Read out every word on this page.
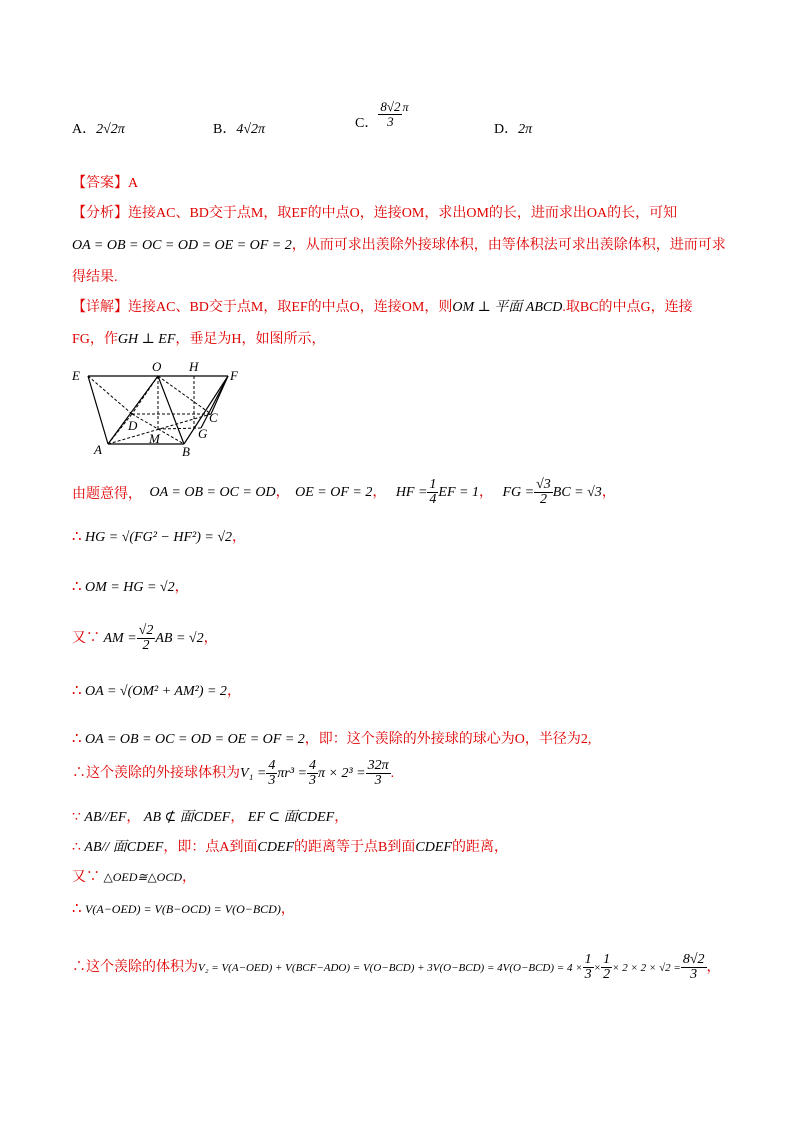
A．2√2π	B．4√2π	C． $\frac{8√2}{3}$ π
D．2π
【答案】A
【分析】连接AC、BD交于点M，取EF的中点O，连接OM，求出OM的长，进而求出OA的长，可知
OA = OB = OC = OD = OE = OF = 2，从而可求出羡除外接球体积，由等体积法可求出羡除体积，进而可求
得结果.
【详解】连接AC、BD交于点M，取EF的中点O，连接OM，则OM ⊥ 平面 ABCD.取BC的中点G，连接
FG，作GH ⊥ EF，垂足为H，如图所示，
E
O H
F
D
C
M	G
A	B
由题意得， OA = OB = OC = OD， OE = OF = 2， HF = $\frac{1}{4}$ EF = 1， FG = $\frac{√3}{2}$ BC = √3，
∴ HG = √(FG² − HF²) = √2，
∴ OM = HG = √2，
又∵ AM = $\frac{√2}{2}$ AB = √2，
∴ OA = √(OM² + AM²) = 2，
∴ OA = OB = OC = OD = OE = OF = 2，即：这个羡除的外接球的球心为O，半径为2,
∴这个羡除的外接球体积为$V_1 = \frac{4}{3} \pi r^3 = \frac{4}{3}$ $\pi \times 2^3 = \frac{32\pi}{3}$ .
∵ AB//EF， AB ⊄ 面CDEF， EF ⊂ 面CDEF，
∴ AB// 面CDEF，即：点A到面CDEF的距离等于点B到面CDEF的距离，
又∵ △OED≅△OCD，
∴ V(A−OED) = V(B−OCD) = V(O−BCD)，
∴这个羡除的体积为$V_2 = V(A-OED) + V(BCF-ADO) = V(O-BCD) + 3V(O-BCD) = 4V(O-BCD) = 4 \times \frac{1}{3} \times \frac{1}{2} \times 2 \times 2 \times √2 = \frac{8√2}{3}$ ，
